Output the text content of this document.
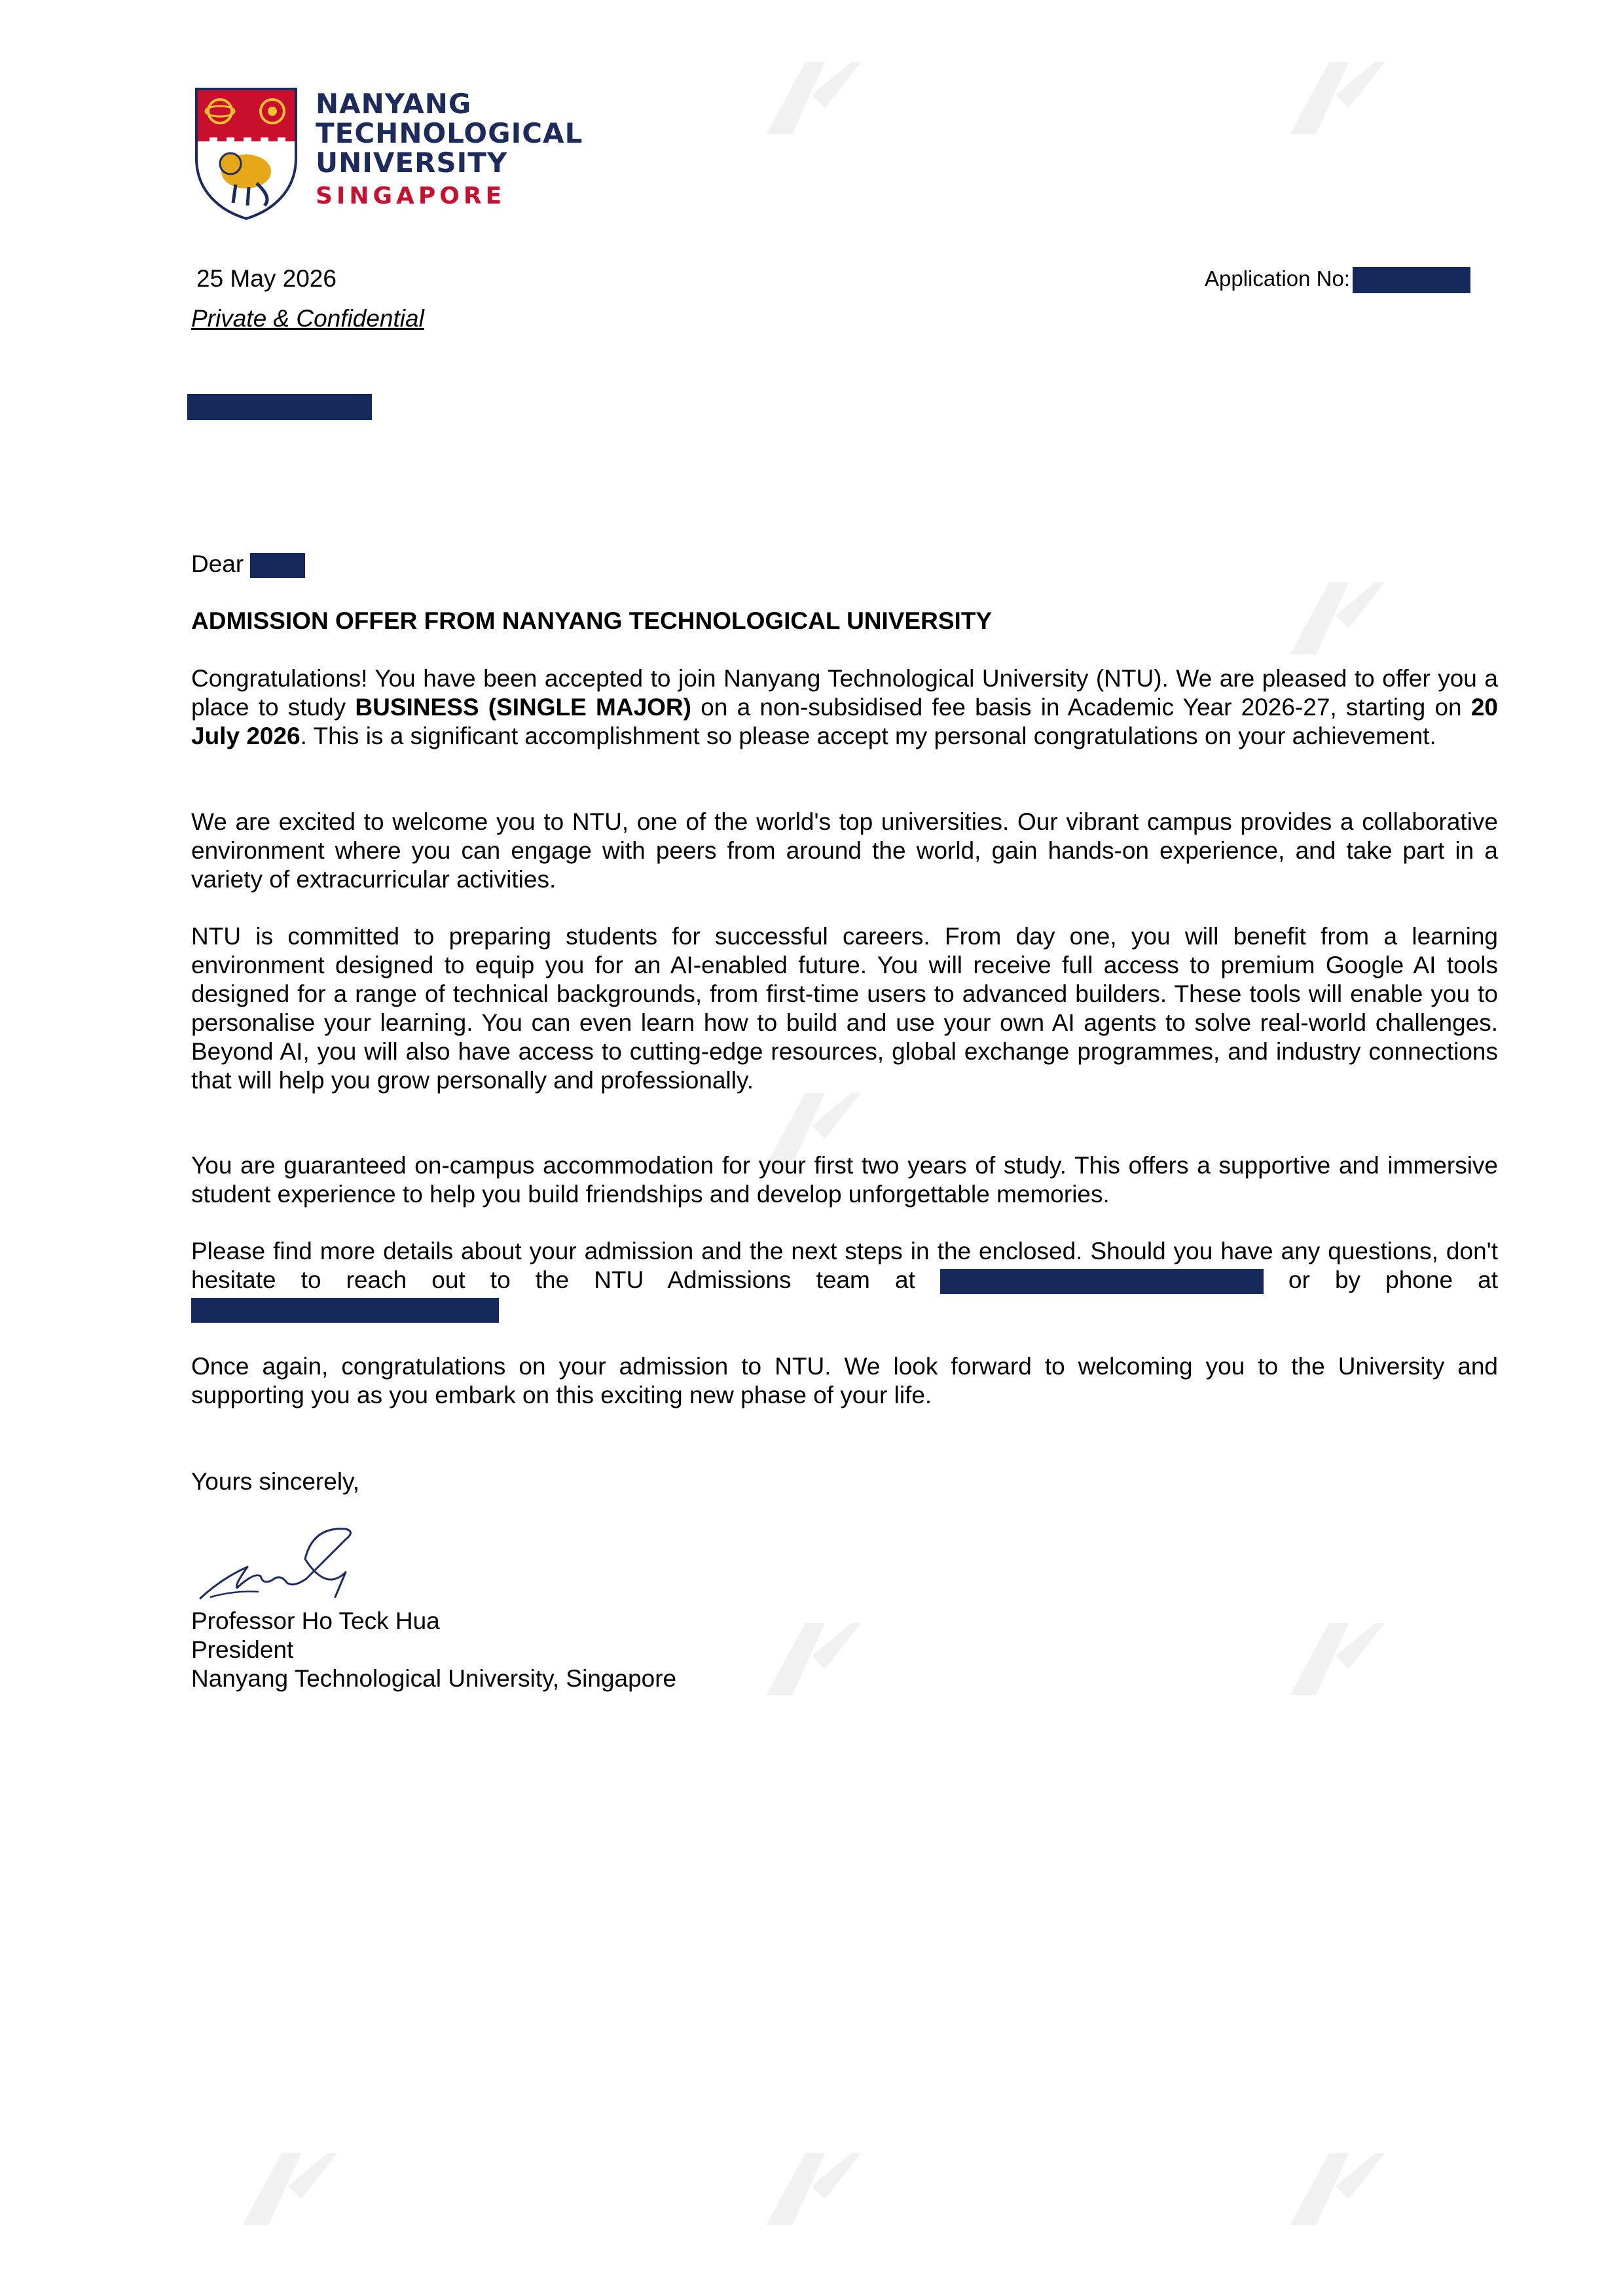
NANYANG
TECHNOLOGICAL
UNIVERSITY
SINGAPORE
25 May 2026	Application No:
Private & Confidential
Dear
ADMISSION OFFER FROM NANYANG TECHNOLOGICAL UNIVERSITY
Congratulations! You have been accepted to join Nanyang Technological University (NTU). We are pleased to offer you a place to study BUSINESS (SINGLE MAJOR) on a non-subsidised fee basis in Academic Year 2026-27, starting on 20 July 2026. This is a significant accomplishment so please accept my personal congratulations on your achievement.
We are excited to welcome you to NTU, one of the world's top universities. Our vibrant campus provides a collaborative environment where you can engage with peers from around the world, gain hands-on experience, and take part in a variety of extracurricular activities.
NTU is committed to preparing students for successful careers. From day one, you will benefit from a learning environment designed to equip you for an AI-enabled future. You will receive full access to premium Google AI tools designed for a range of technical backgrounds, from first-time users to advanced builders. These tools will enable you to personalise your learning. You can even learn how to build and use your own AI agents to solve real-world challenges. Beyond AI, you will also have access to cutting-edge resources, global exchange programmes, and industry connections that will help you grow personally and professionally.
You are guaranteed on-campus accommodation for your first two years of study. This offers a supportive and immersive student experience to help you build friendships and develop unforgettable memories.
Please find more details about your admission and the next steps in the enclosed. Should you have any questions, don't hesitate to reach out to the NTU Admissions team at	or by phone at
Once again, congratulations on your admission to NTU. We look forward to welcoming you to the University and supporting you as you embark on this exciting new phase of your life.
Yours sincerely,
Professor Ho Teck Hua
President
Nanyang Technological University, Singapore
